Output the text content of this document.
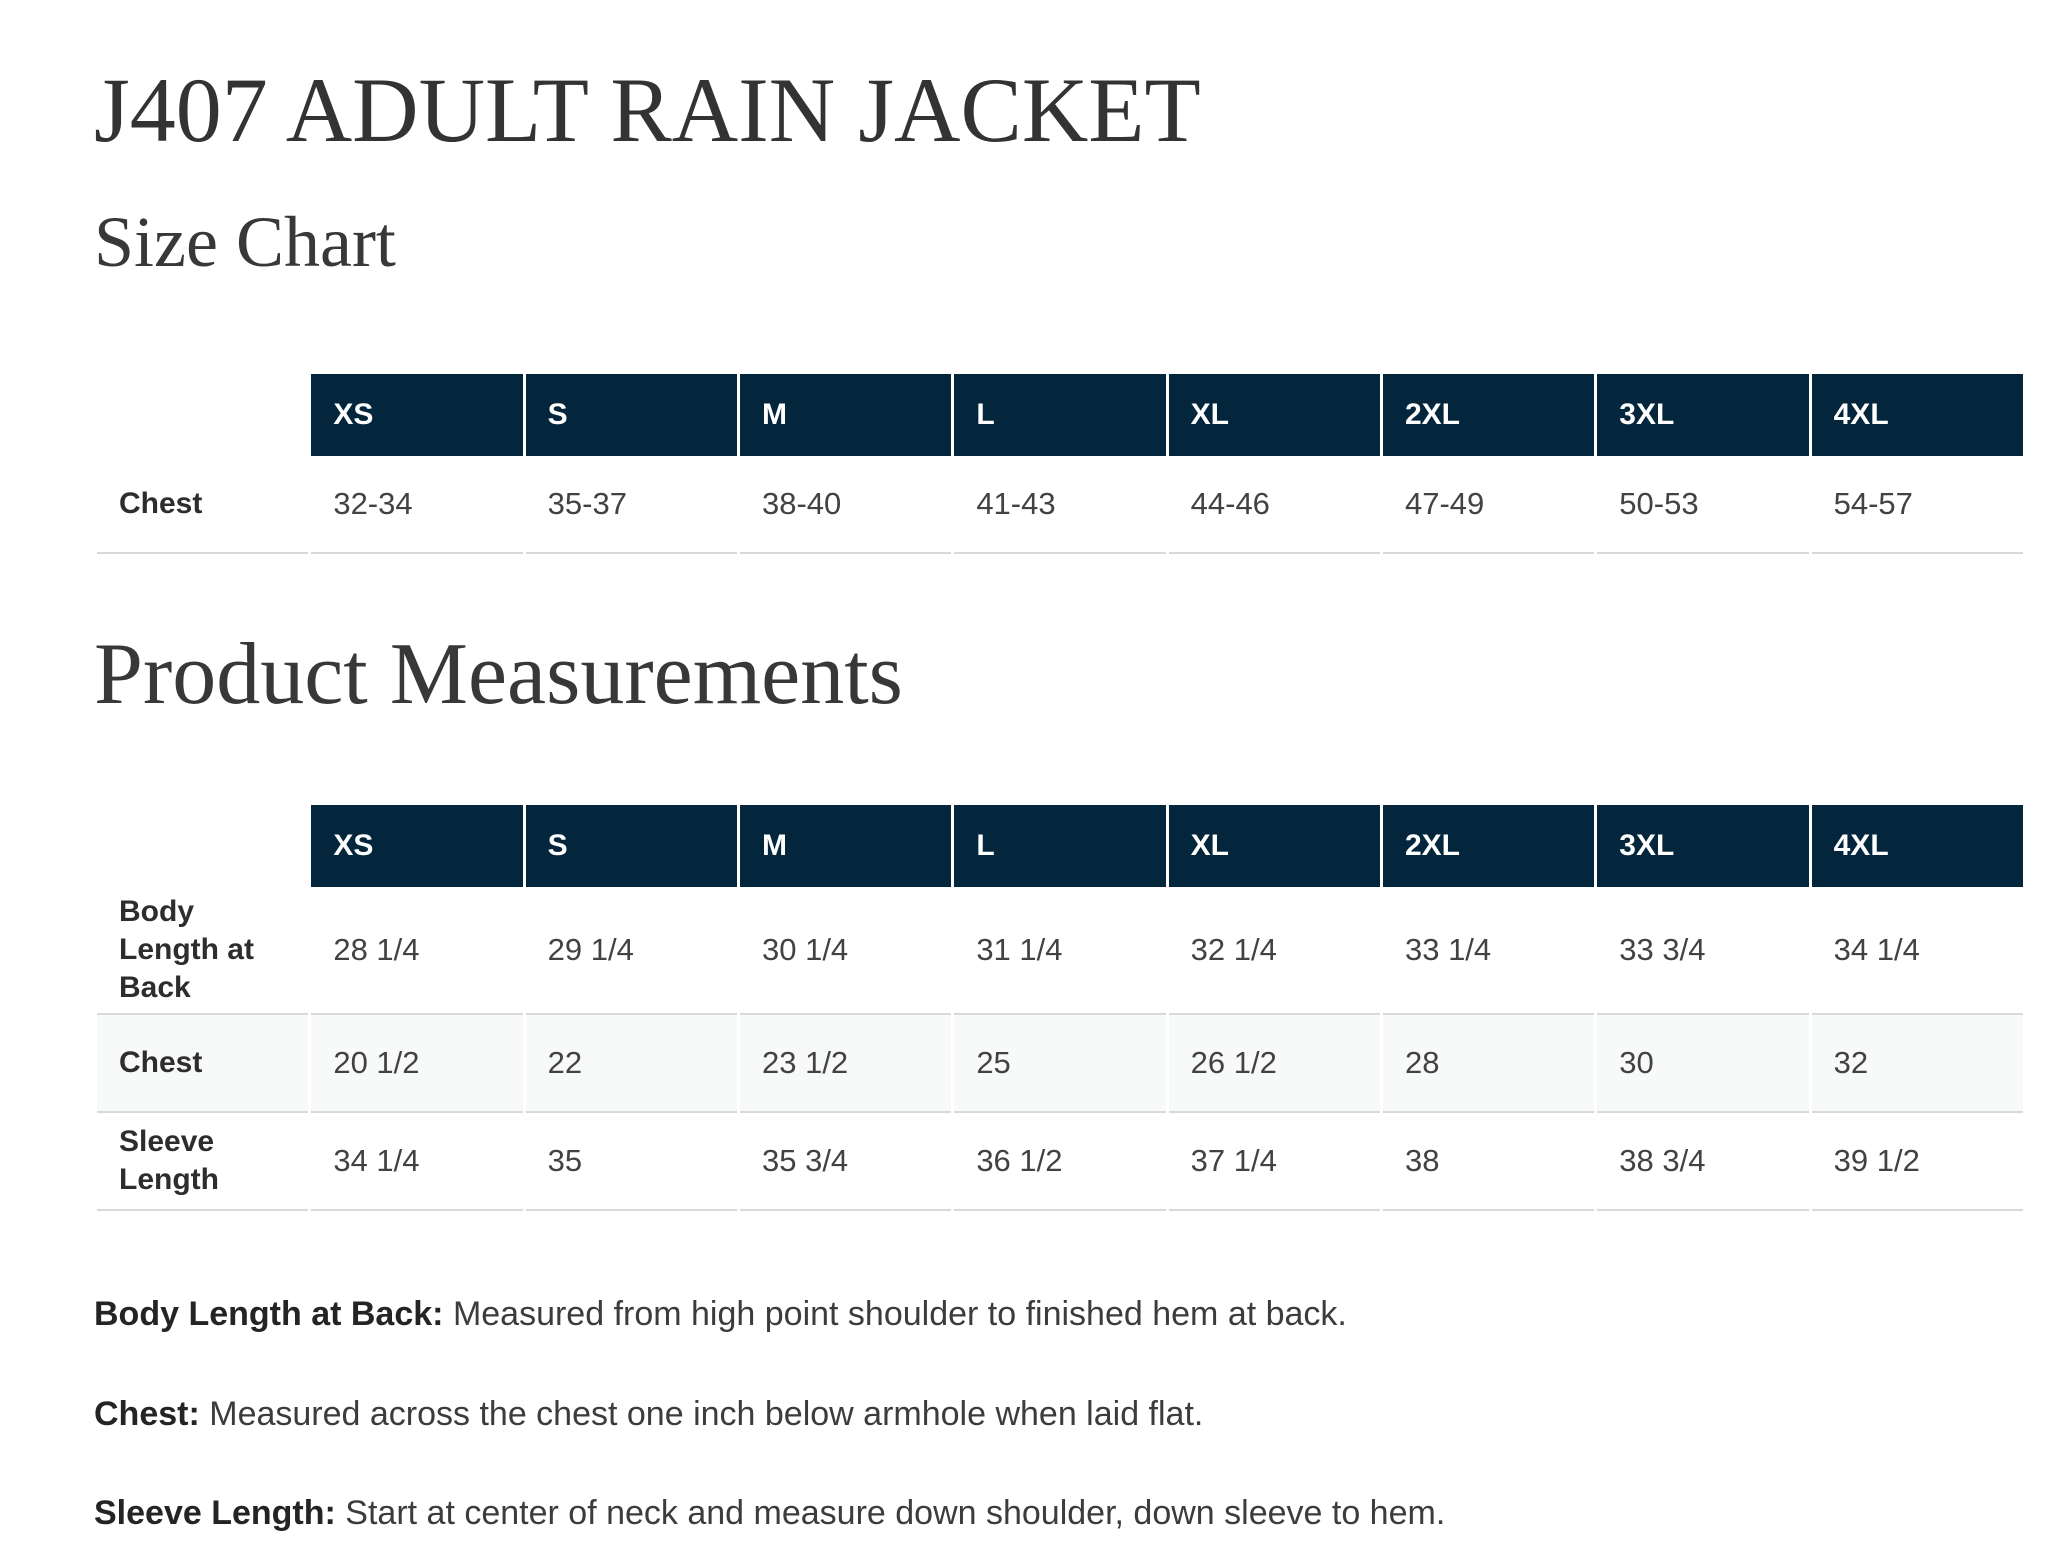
J407 ADULT RAIN JACKET
Size Chart
	XS	S	M	L	XL	2XL	3XL	4XL
Chest	32-34	35-37	38-40	41-43	44-46	47-49	50-53	54-57
Product Measurements
	XS	S	M	L	XL	2XL	3XL	4XL
Body Length at Back	28 1/4	29 1/4	30 1/4	31 1/4	32 1/4	33 1/4	33 3/4	34 1/4
Chest	20 1/2	22	23 1/2	25	26 1/2	28	30	32
Sleeve Length	34 1/4	35	35 3/4	36 1/2	37 1/4	38	38 3/4	39 1/2

Body Length at Back: Measured from high point shoulder to finished hem at back.

Chest: Measured across the chest one inch below armhole when laid flat.

Sleeve Length: Start at center of neck and measure down shoulder, down sleeve to hem.
